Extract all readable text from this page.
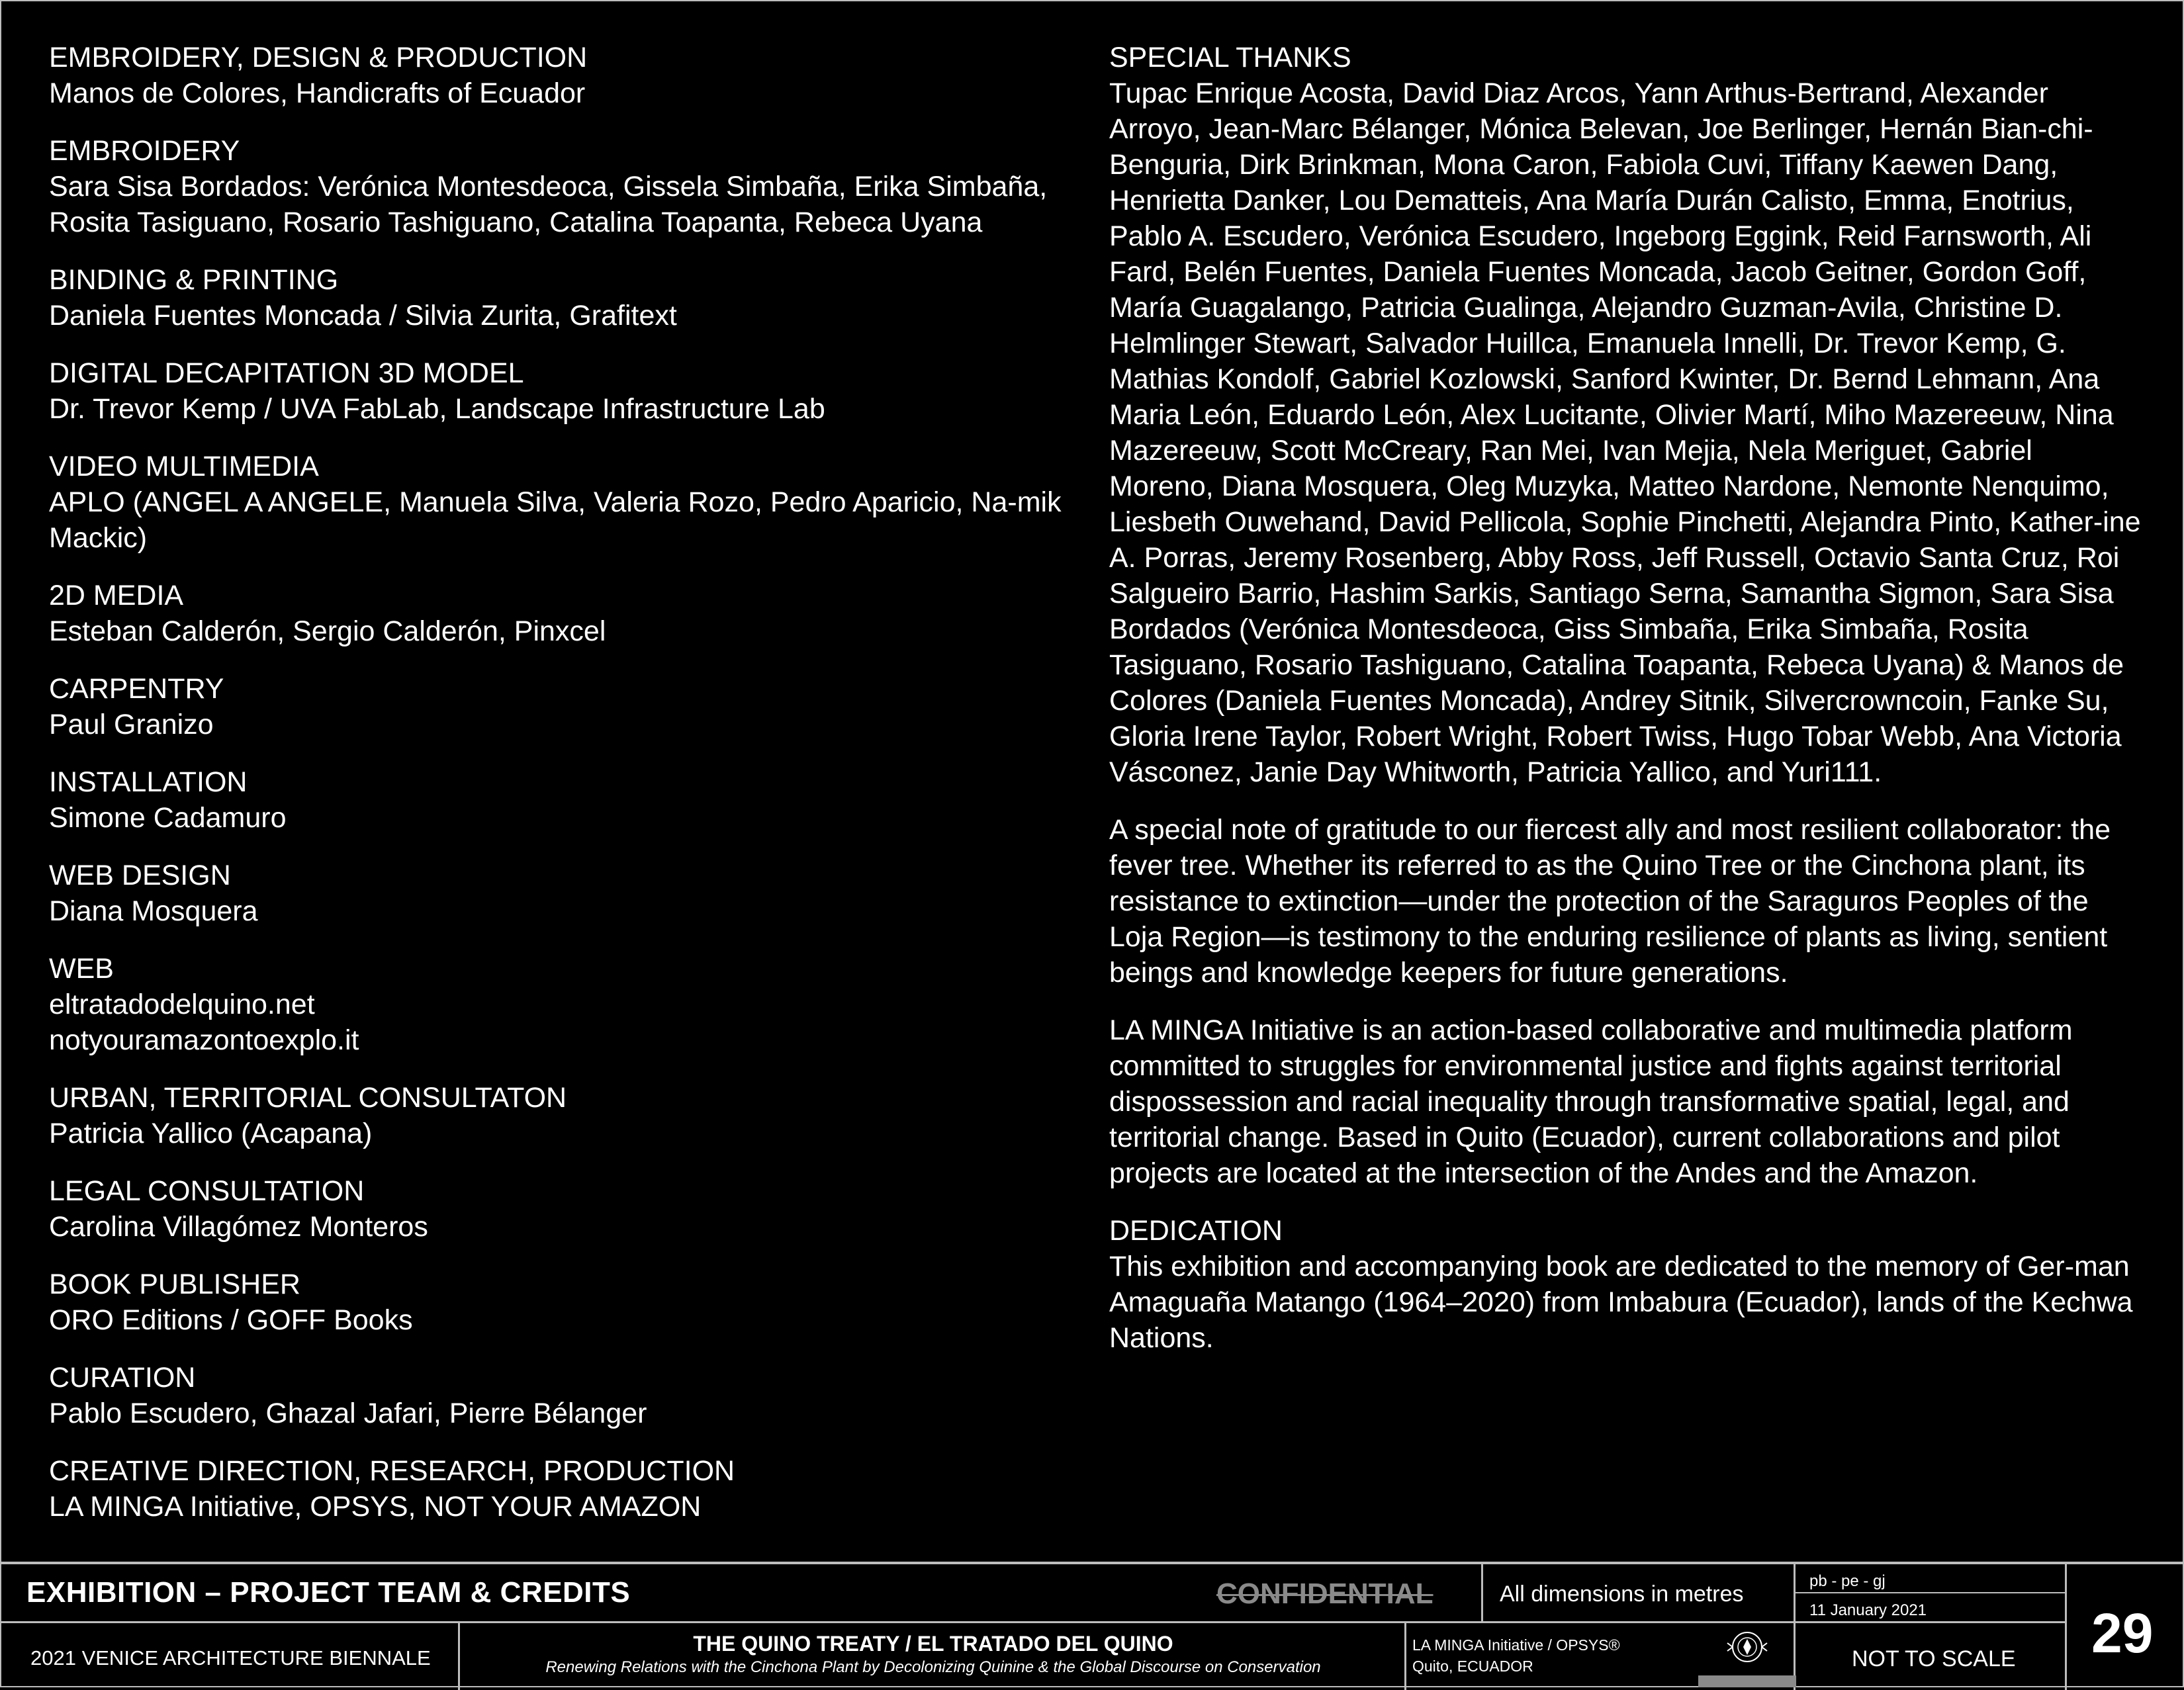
EMBROIDERY, DESIGN & PRODUCTION
Manos de Colores, Handicrafts of Ecuador
EMBROIDERY
Sara Sisa Bordados: Verónica Montesdeoca, Gissela Simbaña, Erika Simbaña, Rosita Tasiguano, Rosario Tashiguano, Catalina Toapanta, Rebeca Uyana
BINDING & PRINTING
Daniela Fuentes Moncada / Silvia Zurita, Grafitext
DIGITAL DECAPITATION 3D MODEL
Dr. Trevor Kemp / UVA FabLab, Landscape Infrastructure Lab
VIDEO MULTIMEDIA
APLO (ANGEL A ANGELE, Manuela Silva, Valeria Rozo, Pedro Aparicio, Na-mik Mackic)
2D MEDIA
Esteban Calderón, Sergio Calderón, Pinxcel
CARPENTRY
Paul Granizo
INSTALLATION
Simone Cadamuro
WEB DESIGN
Diana Mosquera
WEB
eltratadodelquino.net
notyouramazontoexplo.it
URBAN, TERRITORIAL CONSULTATON
Patricia Yallico (Acapana)
LEGAL CONSULTATION
Carolina Villagómez Monteros
BOOK PUBLISHER
ORO Editions / GOFF Books
CURATION
Pablo Escudero, Ghazal Jafari, Pierre Bélanger
CREATIVE DIRECTION, RESEARCH, PRODUCTION
LA MINGA Initiative, OPSYS, NOT YOUR AMAZON
SPECIAL THANKS
Tupac Enrique Acosta, David Diaz Arcos, Yann Arthus-Bertrand, Alexander Arroyo, Jean-Marc Bélanger, Mónica Belevan, Joe Berlinger, Hernán Bian-chi-Benguria, Dirk Brinkman, Mona Caron, Fabiola Cuvi, Tiffany Kaewen Dang, Henrietta Danker, Lou Dematteis, Ana María Durán Calisto, Emma, Enotrius, Pablo A. Escudero, Verónica Escudero, Ingeborg Eggink, Reid Farnsworth, Ali Fard, Belén Fuentes, Daniela Fuentes Moncada, Jacob Geitner, Gordon Goff, María Guagalango, Patricia Gualinga, Alejandro Guzman-Avila, Christine D. Helmlinger Stewart, Salvador Huillca, Emanuela Innelli, Dr. Trevor Kemp, G. Mathias Kondolf, Gabriel Kozlowski, Sanford Kwinter, Dr. Bernd Lehmann, Ana Maria León, Eduardo León, Alex Lucitante, Olivier Martí, Miho Mazereeuw, Nina Mazereeuw, Scott McCreary, Ran Mei, Ivan Mejia, Nela Meriguet, Gabriel Moreno, Diana Mosquera, Oleg Muzyka, Matteo Nardone, Nemonte Nenquimo, Liesbeth Ouwehand, David Pellicola, Sophie Pinchetti, Alejandra Pinto, Kather-ine A. Porras, Jeremy Rosenberg, Abby Ross, Jeff Russell, Octavio Santa Cruz, Roi Salgueiro Barrio, Hashim Sarkis, Santiago Serna, Samantha Sigmon, Sara Sisa Bordados (Verónica Montesdeoca, Giss Simbaña, Erika Simbaña, Rosita Tasiguano, Rosario Tashiguano, Catalina Toapanta, Rebeca Uyana) & Manos de Colores (Daniela Fuentes Moncada), Andrey Sitnik, Silvercrowncoin, Fanke Su, Gloria Irene Taylor, Robert Wright, Robert Twiss, Hugo Tobar Webb, Ana Victoria Vásconez, Janie Day Whitworth, Patricia Yallico, and Yuri111.
A special note of gratitude to our fiercest ally and most resilient collaborator: the fever tree. Whether its referred to as the Quino Tree or the Cinchona plant, its resistance to extinction—under the protection of the Saraguros Peoples of the Loja Region—is testimony to the enduring resilience of plants as living, sentient beings and knowledge keepers for future generations.
LA MINGA Initiative is an action-based collaborative and multimedia platform committed to struggles for environmental justice and fights against territorial dispossession and racial inequality through transformative spatial, legal, and territorial change. Based in Quito (Ecuador), current collaborations and pilot projects are located at the intersection of the Andes and the Amazon.
DEDICATION
This exhibition and accompanying book are dedicated to the memory of Ger-man Amaguaña Matango (1964–2020) from Imbabura (Ecuador), lands of the Kechwa Nations.
EXHIBITION – PROJECT TEAM & CREDITS	CONFIDENTIAL	All dimensions in metres
pb - pe - gj
11 January 2021	29
2021 VENICE ARCHITECTURE BIENNALE
THE QUINO TREATY / EL TRATADO DEL QUINO
Renewing Relations with the Cinchona Plant by Decolonizing Quinine & the Global Discourse on Conservation
LA MINGA Initiative / OPSYS®
Quito, ECUADOR	NOT TO SCALE
